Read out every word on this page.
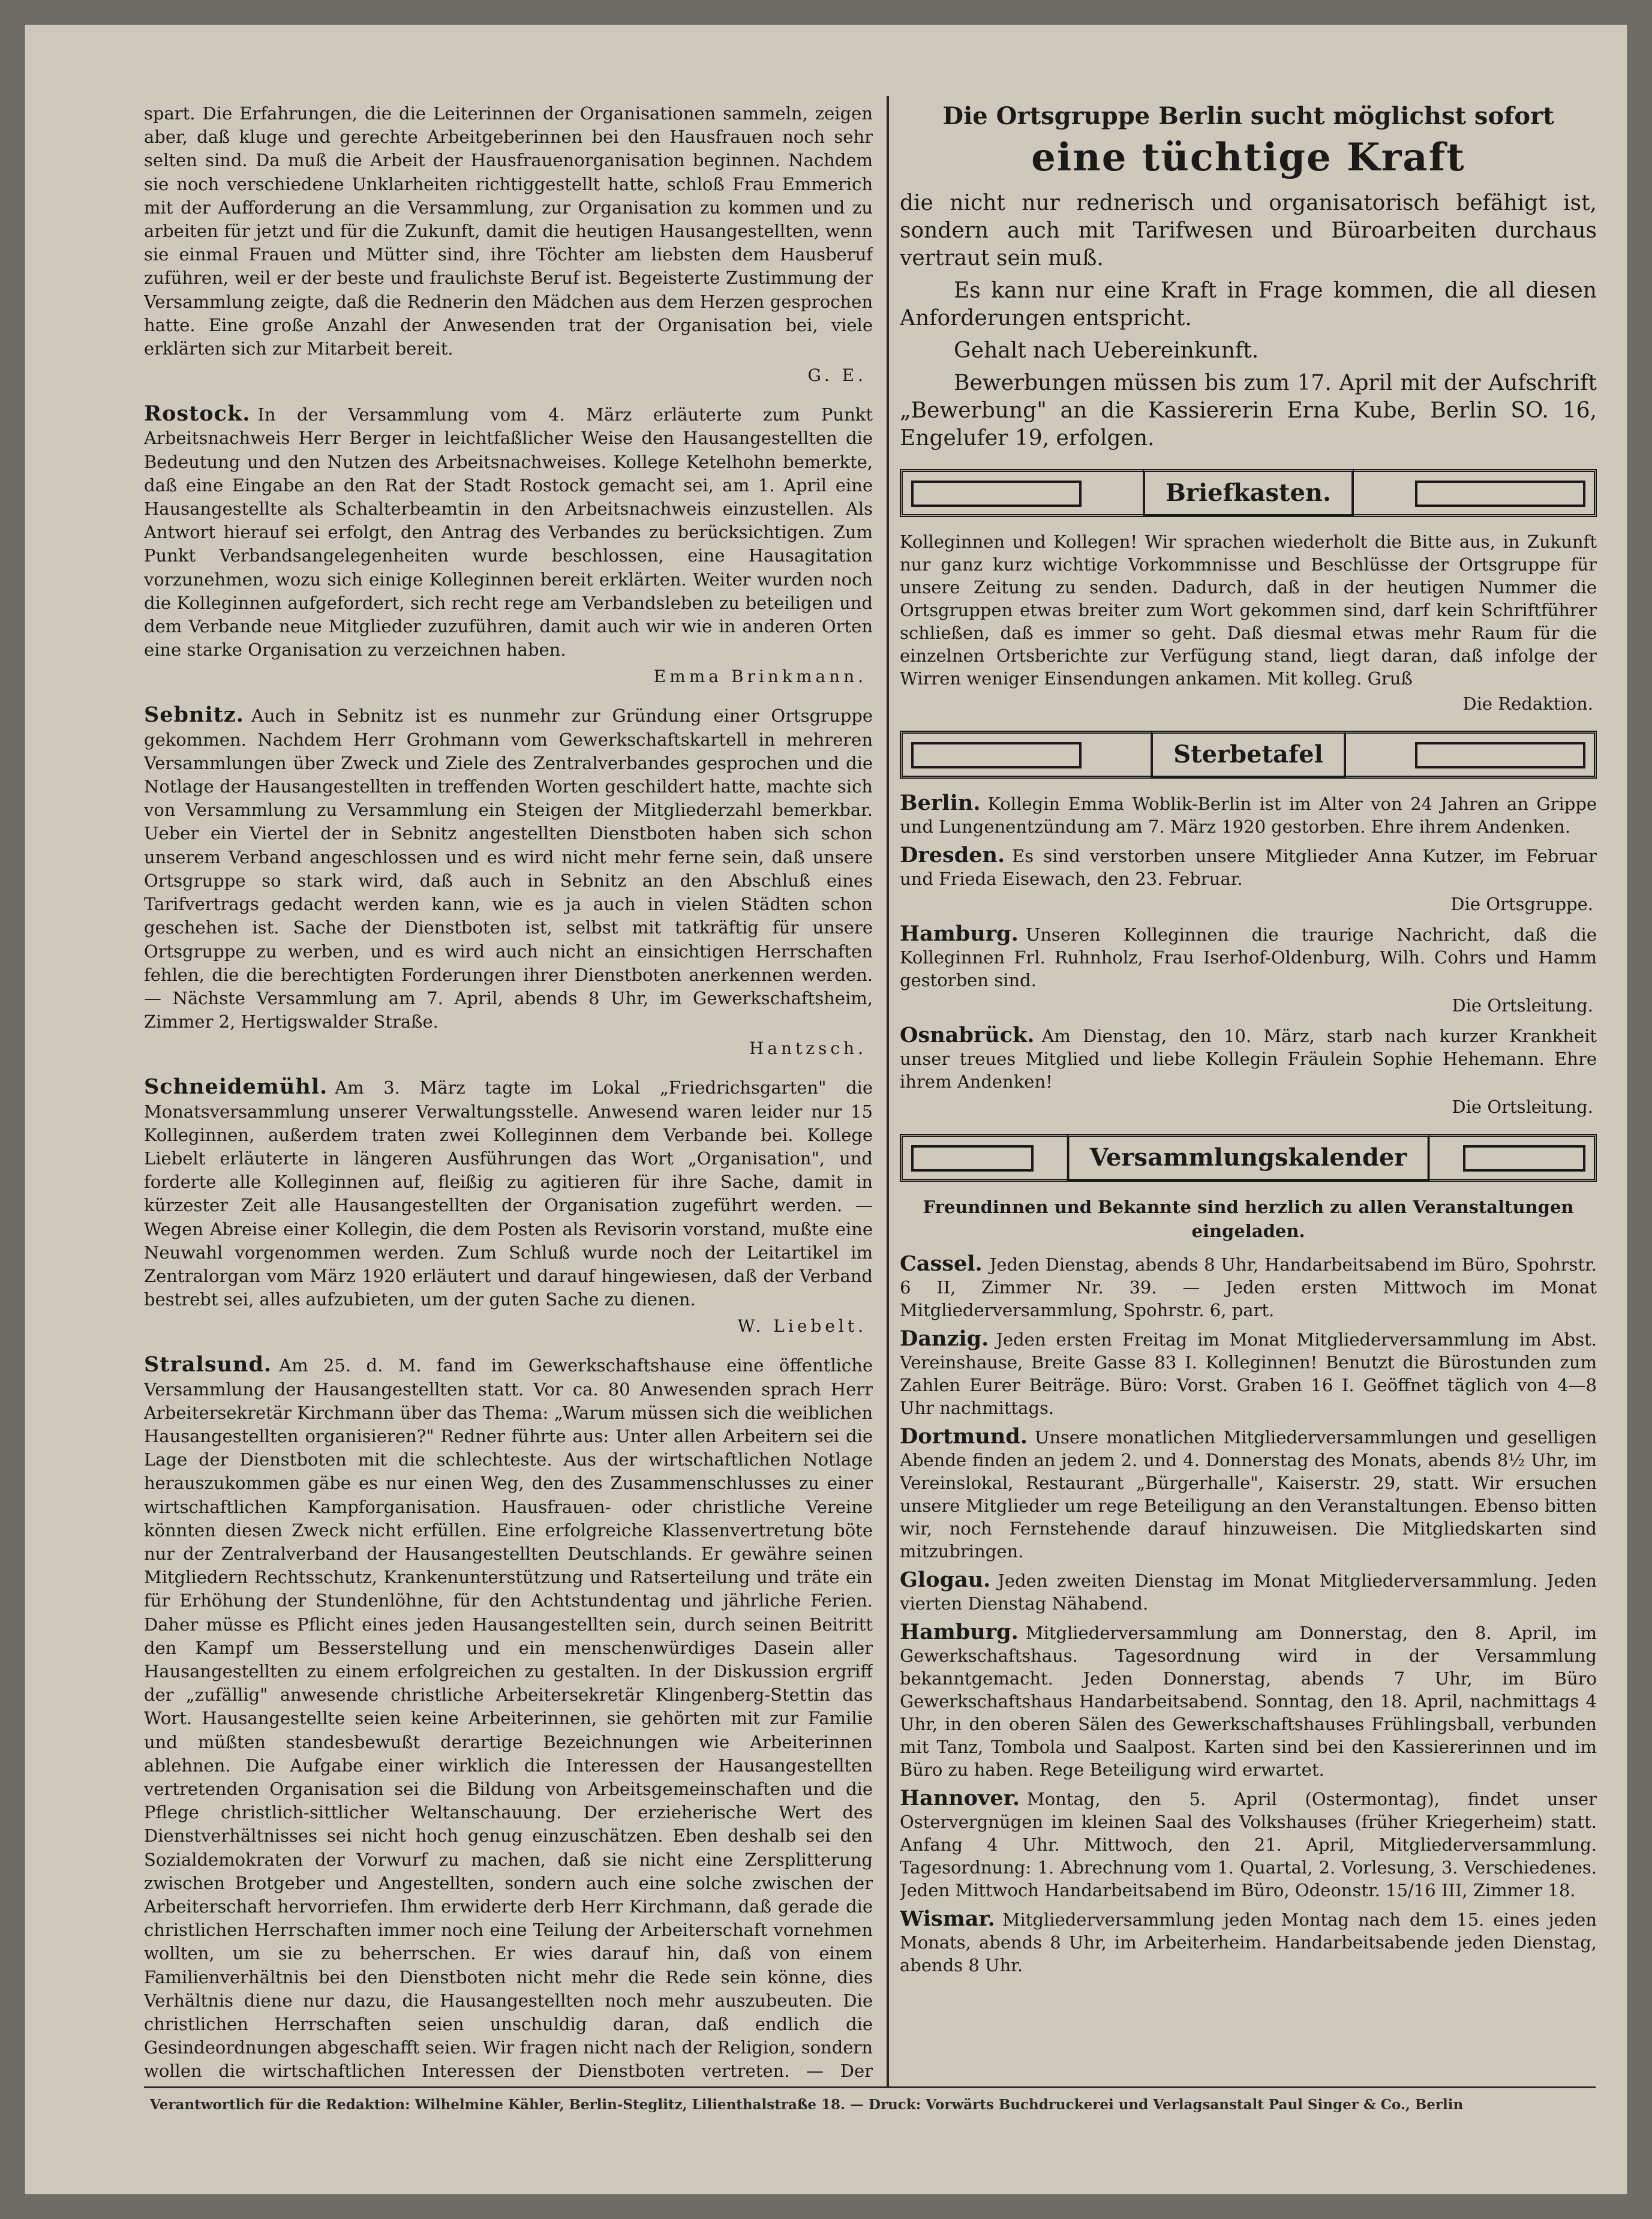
spart. Die Erfahrungen, die die Leiterinnen der Organisationen sammeln, zeigen aber, daß kluge und gerechte Arbeitgeberinnen bei den Hausfrauen noch sehr selten sind. Da muß die Arbeit der Hausfrauenorganisation beginnen. Nachdem sie noch verschiedene Unklarheiten richtiggestellt hatte, schloß Frau Emmerich mit der Aufforderung an die Versammlung, zur Organisation zu kommen und zu arbeiten für jetzt und für die Zukunft, damit die heutigen Hausangestellten, wenn sie einmal Frauen und Mütter sind, ihre Töchter am liebsten dem Hausberuf zuführen, weil er der beste und fraulichste Beruf ist. Begeisterte Zustimmung der Versammlung zeigte, daß die Rednerin den Mädchen aus dem Herzen gesprochen hatte. Eine große Anzahl der Anwesenden trat der Organisation bei, viele erklärten sich zur Mitarbeit bereit.

G. E.

Rostock. In der Versammlung vom 4. März erläuterte zum Punkt Arbeitsnachweis Herr Berger in leichtfaßlicher Weise den Hausangestellten die Bedeutung und den Nutzen des Arbeitsnachweises. Kollege Ketelhohn bemerkte, daß eine Eingabe an den Rat der Stadt Rostock gemacht sei, am 1. April eine Hausangestellte als Schalterbeamtin in den Arbeitsnachweis einzustellen. Als Antwort hierauf sei erfolgt, den Antrag des Verbandes zu berücksichtigen. Zum Punkt Verbandsangelegenheiten wurde beschlossen, eine Hausagitation vorzunehmen, wozu sich einige Kolleginnen bereit erklärten. Weiter wurden noch die Kolleginnen aufgefordert, sich recht rege am Verbandsleben zu beteiligen und dem Verbande neue Mitglieder zuzuführen, damit auch wir wie in anderen Orten eine starke Organisation zu verzeichnen haben.

Emma Brinkmann.

Sebnitz. Auch in Sebnitz ist es nunmehr zur Gründung einer Ortsgruppe gekommen. Nachdem Herr Grohmann vom Gewerkschaftskartell in mehreren Versammlungen über Zweck und Ziele des Zentralverbandes gesprochen und die Notlage der Hausangestellten in treffenden Worten geschildert hatte, machte sich von Versammlung zu Versammlung ein Steigen der Mitgliederzahl bemerkbar. Ueber ein Viertel der in Sebnitz angestellten Dienstboten haben sich schon unserem Verband angeschlossen und es wird nicht mehr ferne sein, daß unsere Ortsgruppe so stark wird, daß auch in Sebnitz an den Abschluß eines Tarifvertrags gedacht werden kann, wie es ja auch in vielen Städten schon geschehen ist. Sache der Dienstboten ist, selbst mit tatkräftig für unsere Ortsgruppe zu werben, und es wird auch nicht an einsichtigen Herrschaften fehlen, die die berechtigten Forderungen ihrer Dienstboten anerkennen werden. — Nächste Versammlung am 7. April, abends 8 Uhr, im Gewerkschaftsheim, Zimmer 2, Hertigswalder Straße.

Hantzsch.

Schneidemühl. Am 3. März tagte im Lokal „Friedrichsgarten" die Monatsversammlung unserer Verwaltungsstelle. Anwesend waren leider nur 15 Kolleginnen, außerdem traten zwei Kolleginnen dem Verbande bei. Kollege Liebelt erläuterte in längeren Ausführungen das Wort „Organisation", und forderte alle Kolleginnen auf, fleißig zu agitieren für ihre Sache, damit in kürzester Zeit alle Hausangestellten der Organisation zugeführt werden. — Wegen Abreise einer Kollegin, die dem Posten als Revisorin vorstand, mußte eine Neuwahl vorgenommen werden. Zum Schluß wurde noch der Leitartikel im Zentralorgan vom März 1920 erläutert und darauf hingewiesen, daß der Verband bestrebt sei, alles aufzubieten, um der guten Sache zu dienen.

W. Liebelt.

Stralsund. Am 25. d. M. fand im Gewerkschaftshause eine öffentliche Versammlung der Hausangestellten statt. Vor ca. 80 Anwesenden sprach Herr Arbeitersekretär Kirchmann über das Thema: „Warum müssen sich die weiblichen Hausangestellten organisieren?" Redner führte aus: Unter allen Arbeitern sei die Lage der Dienstboten mit die schlechteste. Aus der wirtschaftlichen Notlage herauszukommen gäbe es nur einen Weg, den des Zusammenschlusses zu einer wirtschaftlichen Kampforganisation. Hausfrauen- oder christliche Vereine könnten diesen Zweck nicht erfüllen. Eine erfolgreiche Klassenvertretung böte nur der Zentralverband der Hausangestellten Deutschlands. Er gewähre seinen Mitgliedern Rechtsschutz, Krankenunterstützung und Ratserteilung und träte ein für Erhöhung der Stundenlöhne, für den Achtstundentag und jährliche Ferien. Daher müsse es Pflicht eines jeden Hausangestellten sein, durch seinen Beitritt den Kampf um Besserstellung und ein menschenwürdiges Dasein aller Hausangestellten zu einem erfolgreichen zu gestalten. In der Diskussion ergriff der „zufällig" anwesende christliche Arbeitersekretär Klingenberg-Stettin das Wort. Hausangestellte seien keine Arbeiterinnen, sie gehörten mit zur Familie und müßten standesbewußt derartige Bezeichnungen wie Arbeiterinnen ablehnen. Die Aufgabe einer wirklich die Interessen der Hausangestellten vertretenden Organisation sei die Bildung von Arbeitsgemeinschaften und die Pflege christlich-sittlicher Weltanschauung. Der erzieherische Wert des Dienstverhältnisses sei nicht hoch genug einzuschätzen. Eben deshalb sei den Sozialdemokraten der Vorwurf zu machen, daß sie nicht eine Zersplitterung zwischen Brotgeber und Angestellten, sondern auch eine solche zwischen der Arbeiterschaft hervorriefen. Ihm erwiderte derb Herr Kirchmann, daß gerade die christlichen Herrschaften immer noch eine Teilung der Arbeiterschaft vornehmen wollten, um sie zu beherrschen. Er wies darauf hin, daß von einem Familienverhältnis bei den Dienstboten nicht mehr die Rede sein könne, dies Verhältnis diene nur dazu, die Hausangestellten noch mehr auszubeuten. Die christlichen Herrschaften seien unschuldig daran, daß endlich die Gesindeordnungen abgeschafft seien. Wir fragen nicht nach der Religion, sondern wollen die wirtschaftlichen Interessen der Dienstboten vertreten. — Der

Die Ortsgruppe Berlin sucht möglichst sofort
eine tüchtige Kraft

die nicht nur rednerisch und organisatorisch befähigt ist, sondern auch mit Tarifwesen und Büroarbeiten durchaus vertraut sein muß.

Es kann nur eine Kraft in Frage kommen, die all diesen Anforderungen entspricht.

Gehalt nach Uebereinkunft.

Bewerbungen müssen bis zum 17. April mit der Aufschrift „Bewerbung" an die Kassiererin Erna Kube, Berlin SO. 16, Engelufer 19, erfolgen.

Briefkasten.

Kolleginnen und Kollegen! Wir sprachen wiederholt die Bitte aus, in Zukunft nur ganz kurz wichtige Vorkommnisse und Beschlüsse der Ortsgruppe für unsere Zeitung zu senden. Dadurch, daß in der heutigen Nummer die Ortsgruppen etwas breiter zum Wort gekommen sind, darf kein Schriftführer schließen, daß es immer so geht. Daß diesmal etwas mehr Raum für die einzelnen Ortsberichte zur Verfügung stand, liegt daran, daß infolge der Wirren weniger Einsendungen ankamen. Mit kolleg. Gruß

Die Redaktion.
Sterbetafel

Berlin. Kollegin Emma Woblik-Berlin ist im Alter von 24 Jahren an Grippe und Lungenentzündung am 7. März 1920 gestorben. Ehre ihrem Andenken.

Dresden. Es sind verstorben unsere Mitglieder Anna Kutzer, im Februar und Frieda Eisewach, den 23. Februar.

Die Ortsgruppe.

Hamburg. Unseren Kolleginnen die traurige Nachricht, daß die Kolleginnen Frl. Ruhnholz, Frau Iserhof-Oldenburg, Wilh. Cohrs und Hamm gestorben sind.

Die Ortsleitung.

Osnabrück. Am Dienstag, den 10. März, starb nach kurzer Krankheit unser treues Mitglied und liebe Kollegin Fräulein Sophie Hehemann. Ehre ihrem Andenken!

Die Ortsleitung.
Versammlungskalender
Freundinnen und Bekannte sind herzlich zu allen Veranstaltungen eingeladen.

Cassel. Jeden Dienstag, abends 8 Uhr, Handarbeitsabend im Büro, Spohrstr. 6 II, Zimmer Nr. 39. — Jeden ersten Mittwoch im Monat Mitgliederversammlung, Spohrstr. 6, part.

Danzig. Jeden ersten Freitag im Monat Mitgliederversammlung im Abst. Vereinshause, Breite Gasse 83 I. Kolleginnen! Benutzt die Bürostunden zum Zahlen Eurer Beiträge. Büro: Vorst. Graben 16 I. Geöffnet täglich von 4—8 Uhr nachmittags.

Dortmund. Unsere monatlichen Mitgliederversammlungen und geselligen Abende finden an jedem 2. und 4. Donnerstag des Monats, abends 8½ Uhr, im Vereinslokal, Restaurant „Bürgerhalle", Kaiserstr. 29, statt. Wir ersuchen unsere Mitglieder um rege Beteiligung an den Veranstaltungen. Ebenso bitten wir, noch Fernstehende darauf hinzuweisen. Die Mitgliedskarten sind mitzubringen.

Glogau. Jeden zweiten Dienstag im Monat Mitgliederversammlung. Jeden vierten Dienstag Nähabend.

Hamburg. Mitgliederversammlung am Donnerstag, den 8. April, im Gewerkschaftshaus. Tagesordnung wird in der Versammlung bekanntgemacht. Jeden Donnerstag, abends 7 Uhr, im Büro Gewerkschaftshaus Handarbeitsabend. Sonntag, den 18. April, nachmittags 4 Uhr, in den oberen Sälen des Gewerkschaftshauses Frühlingsball, verbunden mit Tanz, Tombola und Saalpost. Karten sind bei den Kassiererinnen und im Büro zu haben. Rege Beteiligung wird erwartet.

Hannover. Montag, den 5. April (Ostermontag), findet unser Ostervergnügen im kleinen Saal des Volkshauses (früher Kriegerheim) statt. Anfang 4 Uhr. Mittwoch, den 21. April, Mitgliederversammlung. Tagesordnung: 1. Abrechnung vom 1. Quartal, 2. Vorlesung, 3. Verschiedenes. Jeden Mittwoch Handarbeitsabend im Büro, Odeonstr. 15/16 III, Zimmer 18.

Wismar. Mitgliederversammlung jeden Montag nach dem 15. eines jeden Monats, abends 8 Uhr, im Arbeiterheim. Handarbeitsabende jeden Dienstag, abends 8 Uhr.

Verantwortlich für die Redaktion: Wilhelmine Kähler, Berlin-Steglitz, Lilienthalstraße 18. — Druck: Vorwärts Buchdruckerei und Verlagsanstalt Paul Singer & Co., Berlin
